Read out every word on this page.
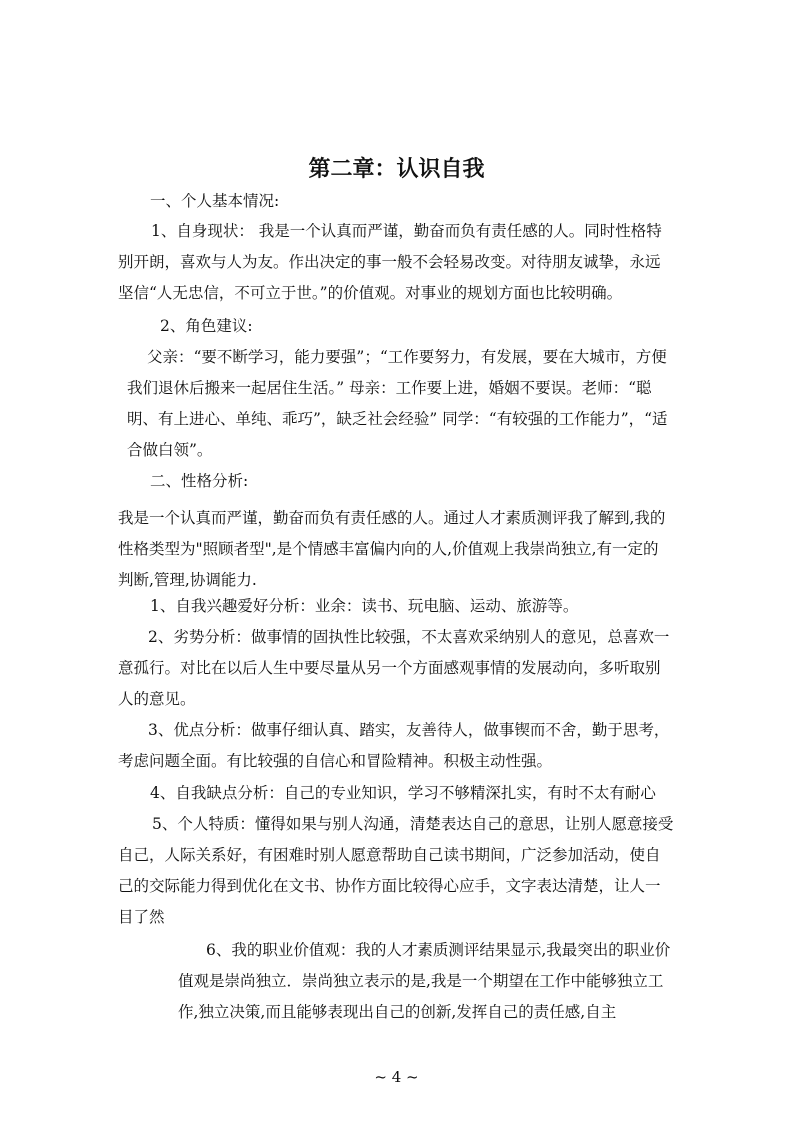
第二章：认识自我
一、个人基本情况:
1、自身现状： 我是一个认真而严谨，勤奋而负有责任感的人。同时性格特别开朗，喜欢与人为友。作出决定的事一般不会轻易改变。对待朋友诚挚，永远坚信“人无忠信，不可立于世。”的价值观。对事业的规划方面也比较明确。
2、角色建议:
父亲：“要不断学习，能力要强”；“工作要努力，有发展，要在大城市，方便我们退休后搬来一起居住生活。” 母亲：工作要上进，婚姻不要误。老师：“聪明、有上进心、单纯、乖巧”，缺乏社会经验” 同学：“有较强的工作能力”，“适合做白领”。
二、性格分析:
我是一个认真而严谨，勤奋而负有责任感的人。通过人才素质测评我了解到,我的性格类型为"照顾者型",是个情感丰富偏内向的人,价值观上我崇尚独立,有一定的判断,管理,协调能力.
1、自我兴趣爱好分析：业余：读书、玩电脑、运动、旅游等。
2、劣势分析：做事情的固执性比较强，不太喜欢采纳别人的意见，总喜欢一意孤行。对比在以后人生中要尽量从另一个方面感观事情的发展动向，多听取别人的意见。
3、优点分析：做事仔细认真、踏实，友善待人，做事锲而不舍，勤于思考，考虑问题全面。有比较强的自信心和冒险精神。积极主动性强。
4、自我缺点分析：自己的专业知识，学习不够精深扎实，有时不太有耐心
5、个人特质：懂得如果与别人沟通，清楚表达自己的意思，让别人愿意接受自己，人际关系好，有困难时别人愿意帮助自己读书期间，广泛参加活动，使自己的交际能力得到优化在文书、协作方面比较得心应手，文字表达清楚，让人一目了然
6、我的职业价值观：我的人才素质测评结果显示,我最突出的职业价值观是崇尚独立．崇尚独立表示的是,我是一个期望在工作中能够独立工作,独立决策,而且能够表现出自己的创新,发挥自己的责任感,自主
~ 4 ~
